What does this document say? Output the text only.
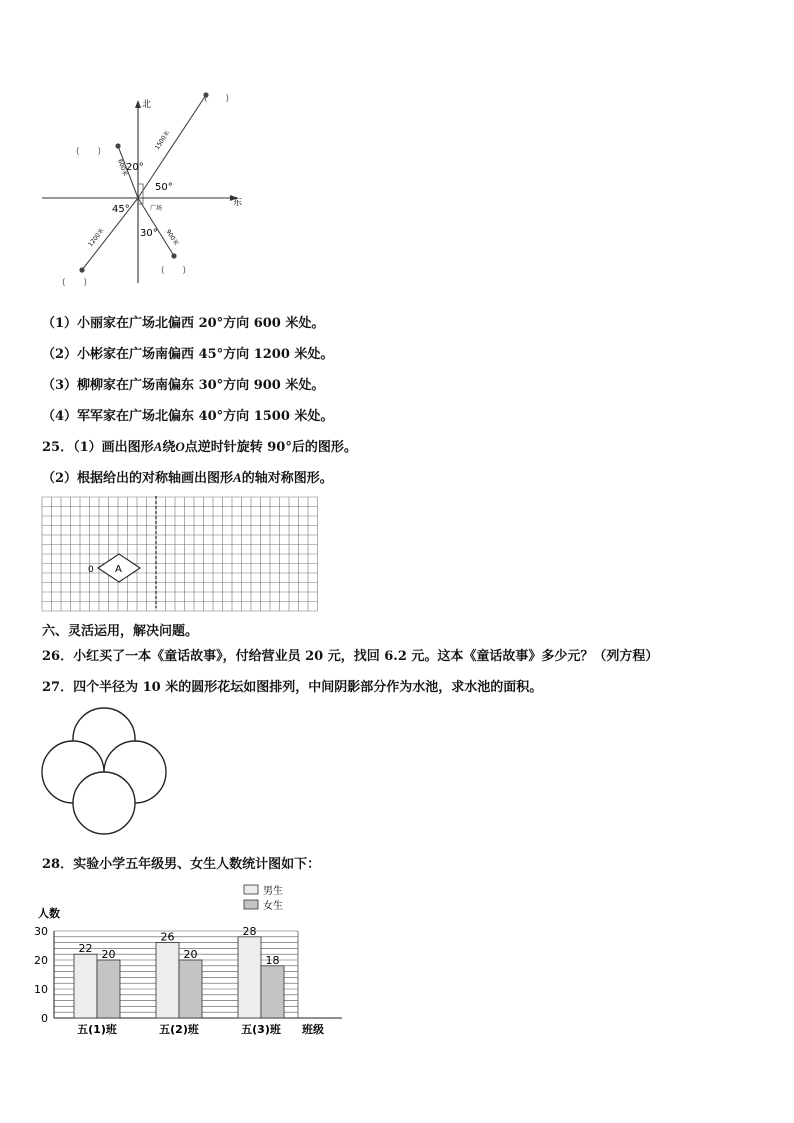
北
东
20°
50°
45°
30°
广场
600米
1500米
1200米	900米
(　　)
(　　)
(　　)
(　　)
（1）小丽家在广场北偏西 20°方向 600 米处。
（2）小彬家在广场南偏西 45°方向 1200 米处。
（3）柳柳家在广场南偏东 30°方向 900 米处。
（4）军军家在广场北偏东 40°方向 1500 米处。
25．（1）画出图形A绕O点逆时针旋转 90°后的图形。
（2）根据给出的对称轴画出图形A的轴对称图形。
A
0
六、灵活运用，解决问题。
26．小红买了一本《童话故事》，付给营业员 20 元，找回 6.2 元。这本《童话故事》多少元？（列方程）
27．四个半径为 10 米的圆形花坛如图排列，中间阴影部分作为水池，求水池的面积。
28．实验小学五年级男、女生人数统计图如下：
0
10
20
30
22 20
五(1)班
26
20
五(2)班
28
18
五(3)班
男生
女生
人数
班级
